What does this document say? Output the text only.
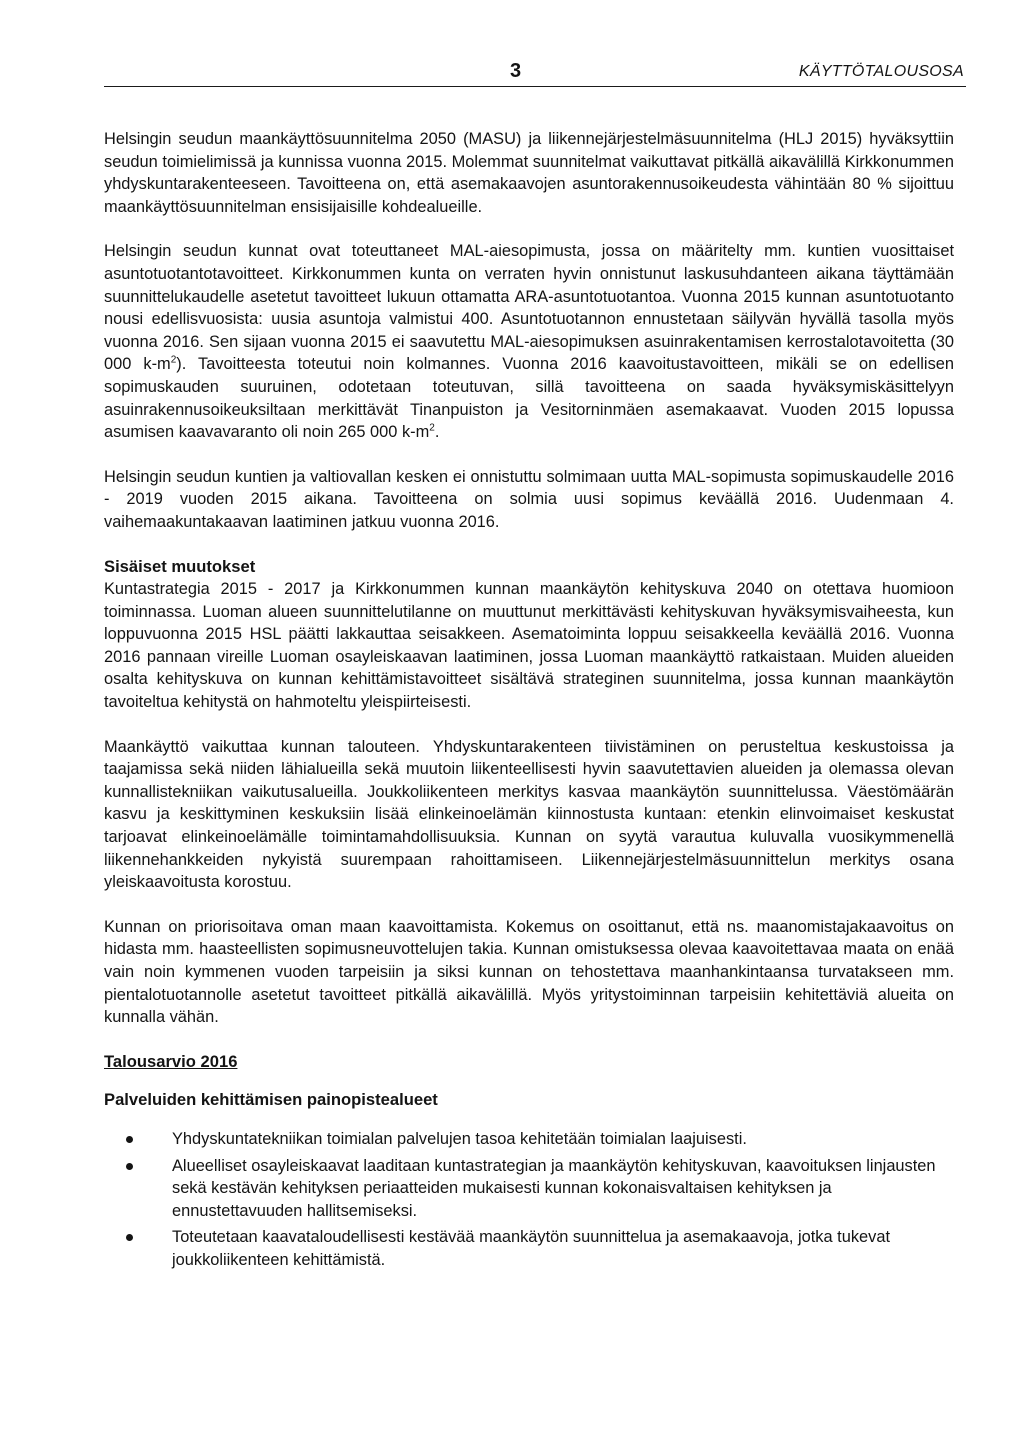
3	KÄYTTÖTALOUSOSA

Helsingin seudun maankäyttösuunnitelma 2050 (MASU) ja liikennejärjestelmäsuunnitelma (HLJ 2015) hyväksyttiin seudun toimielimissä ja kunnissa vuonna 2015. Molemmat suunnitelmat vaikuttavat pitkällä aikavälillä Kirkkonummen yhdyskuntarakenteeseen. Tavoitteena on, että asemakaavojen asuntorakennusoikeudesta vähintään 80 % sijoittuu maankäyttösuunnitelman ensisijaisille kohdealueille.

Helsingin seudun kunnat ovat toteuttaneet MAL-aiesopimusta, jossa on määritelty mm. kuntien vuosittaiset asuntotuotantotavoitteet. Kirkkonummen kunta on verraten hyvin onnistunut laskusuhdanteen aikana täyttämään suunnittelukaudelle asetetut tavoitteet lukuun ottamatta ARA-asuntotuotantoa. Vuonna 2015 kunnan asuntotuotanto nousi edellisvuosista: uusia asuntoja valmistui 400. Asuntotuotannon ennustetaan säilyvän hyvällä tasolla myös vuonna 2016. Sen sijaan vuonna 2015 ei saavutettu MAL-aiesopimuksen asuinrakentamisen kerrostalotavoitetta (30 000 $k-m^2$). Tavoitteesta toteutui noin kolmannes. Vuonna 2016 kaavoitustavoitteen, mikäli se on edellisen sopimuskauden suuruinen, odotetaan toteutuvan, sillä tavoitteena on saada hyväksymiskäsittelyyn asuinrakennusoikeuksiltaan merkittävät Tinanpuiston ja Vesitorninmäen asemakaavat. Vuoden 2015 lopussa asumisen kaavavaranto oli noin 265 000 $k-m^2$.

Helsingin seudun kuntien ja valtiovallan kesken ei onnistuttu solmimaan uutta MAL-sopimusta sopimuskaudelle 2016 - 2019 vuoden 2015 aikana. Tavoitteena on solmia uusi sopimus keväällä 2016. Uudenmaan 4. vaihemaakuntakaavan laatiminen jatkuu vuonna 2016.

Sisäiset muutokset

Kuntastrategia 2015 - 2017 ja Kirkkonummen kunnan maankäytön kehityskuva 2040 on otettava huomioon toiminnassa. Luoman alueen suunnittelutilanne on muuttunut merkittävästi kehityskuvan hyväksymisvaiheesta, kun loppuvuonna 2015 HSL päätti lakkauttaa seisakkeen. Asematoiminta loppuu seisakkeella keväällä 2016. Vuonna 2016 pannaan vireille Luoman osayleiskaavan laatiminen, jossa Luoman maankäyttö ratkaistaan. Muiden alueiden osalta kehityskuva on kunnan kehittämistavoitteet sisältävä strateginen suunnitelma, jossa kunnan maankäytön tavoiteltua kehitystä on hahmoteltu yleispiirteisesti.

Maankäyttö vaikuttaa kunnan talouteen. Yhdyskuntarakenteen tiivistäminen on perusteltua keskustoissa ja taajamissa sekä niiden lähialueilla sekä muutoin liikenteellisesti hyvin saavutettavien alueiden ja olemassa olevan kunnallistekniikan vaikutusalueilla. Joukkoliikenteen merkitys kasvaa maankäytön suunnittelussa. Väestömäärän kasvu ja keskittyminen keskuksiin lisää elinkeinoelämän kiinnostusta kuntaan: etenkin elinvoimaiset keskustat tarjoavat elinkeinoelämälle toimintamahdollisuuksia. Kunnan on syytä varautua kuluvalla vuosikymmenellä liikennehankkeiden nykyistä suurempaan rahoittamiseen. Liikennejärjestelmäsuunnittelun merkitys osana yleiskaavoitusta korostuu.

Kunnan on priorisoitava oman maan kaavoittamista. Kokemus on osoittanut, että ns. maanomistajakaavoitus on hidasta mm. haasteellisten sopimusneuvottelujen takia. Kunnan omistuksessa olevaa kaavoitettavaa maata on enää vain noin kymmenen vuoden tarpeisiin ja siksi kunnan on tehostettava maanhankintaansa turvatakseen mm. pientalotuotannolle asetetut tavoitteet pitkällä aikavälillä. Myös yritystoiminnan tarpeisiin kehitettäviä alueita on kunnalla vähän.

Talousarvio 2016
Palveluiden kehittämisen painopistealueet
Yhdyskuntatekniikan toimialan palvelujen tasoa kehitetään toimialan laajuisesti.
Alueelliset osayleiskaavat laaditaan kuntastrategian ja maankäytön kehityskuvan, kaavoituksen linjausten sekä kestävän kehityksen periaatteiden mukaisesti kunnan kokonaisvaltaisen kehityksen ja ennustettavuuden hallitsemiseksi.
Toteutetaan kaavataloudellisesti kestävää maankäytön suunnittelua ja asemakaavoja, jotka tukevat joukkoliikenteen kehittämistä.
